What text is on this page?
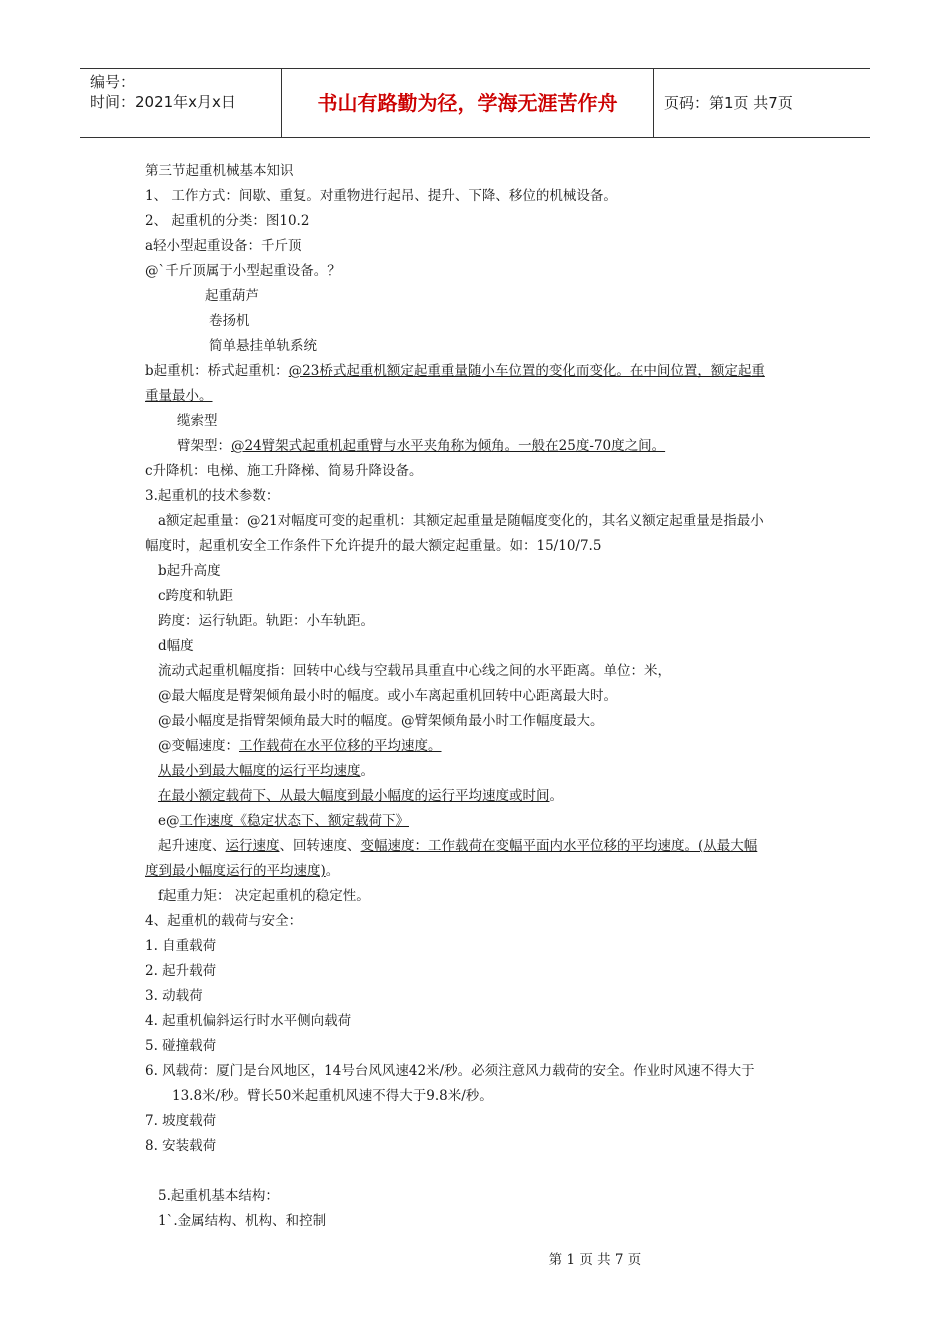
编号：
时间：2021年x月x日	书山有路勤为径，学海无涯苦作舟	页码：第1页 共7页
第三节起重机械基本知识
1、 工作方式：间歇、重复。对重物进行起吊、提升、下降、移位的机械设备。
2、 起重机的分类：图10.2
a轻小型起重设备：千斤顶
@`千斤顶属于小型起重设备。？
起重葫芦
卷扬机
简单悬挂单轨系统
b起重机：桥式起重机：@23桥式起重机额定起重重量随小车位置的变化而变化。在中间位置，额定起重
重量最小。
缆索型
臂架型：@24臂架式起重机起重臂与水平夹角称为倾角。一般在25度-70度之间。
c升降机：电梯、施工升降梯、简易升降设备。
3.起重机的技术参数：
a额定起重量：@21对幅度可变的起重机：其额定起重量是随幅度变化的，其名义额定起重量是指最小
幅度时，起重机安全工作条件下允许提升的最大额定起重量。如：15/10/7.5
b起升高度
c跨度和轨距
跨度：运行轨距。轨距：小车轨距。
d幅度
流动式起重机幅度指：回转中心线与空载吊具重直中心线之间的水平距离。单位：米，
@最大幅度是臂架倾角最小时的幅度。或小车离起重机回转中心距离最大时。
@最小幅度是指臂架倾角最大时的幅度。@臂架倾角最小时工作幅度最大。
@变幅速度：工作载荷在水平位移的平均速度。
从最小到最大幅度的运行平均速度。
在最小额定载荷下、从最大幅度到最小幅度的运行平均速度或时间。
e@工作速度《稳定状态下、额定载荷下》
起升速度、运行速度、回转速度、变幅速度：工作载荷在变幅平面内水平位移的平均速度。(从最大幅
度到最小幅度运行的平均速度)。
f起重力矩： 决定起重机的稳定性。
4、起重机的载荷与安全：
1. 自重载荷
2. 起升载荷
3. 动载荷
4. 起重机偏斜运行时水平侧向载荷
5. 碰撞载荷
6. 风载荷：厦门是台风地区，14号台风风速42米/秒。必须注意风力载荷的安全。作业时风速不得大于
13.8米/秒。臂长50米起重机风速不得大于9.8米/秒。
7. 坡度载荷
8. 安装载荷
5.起重机基本结构：
1`.金属结构、机构、和控制
第 1 页 共 7 页
